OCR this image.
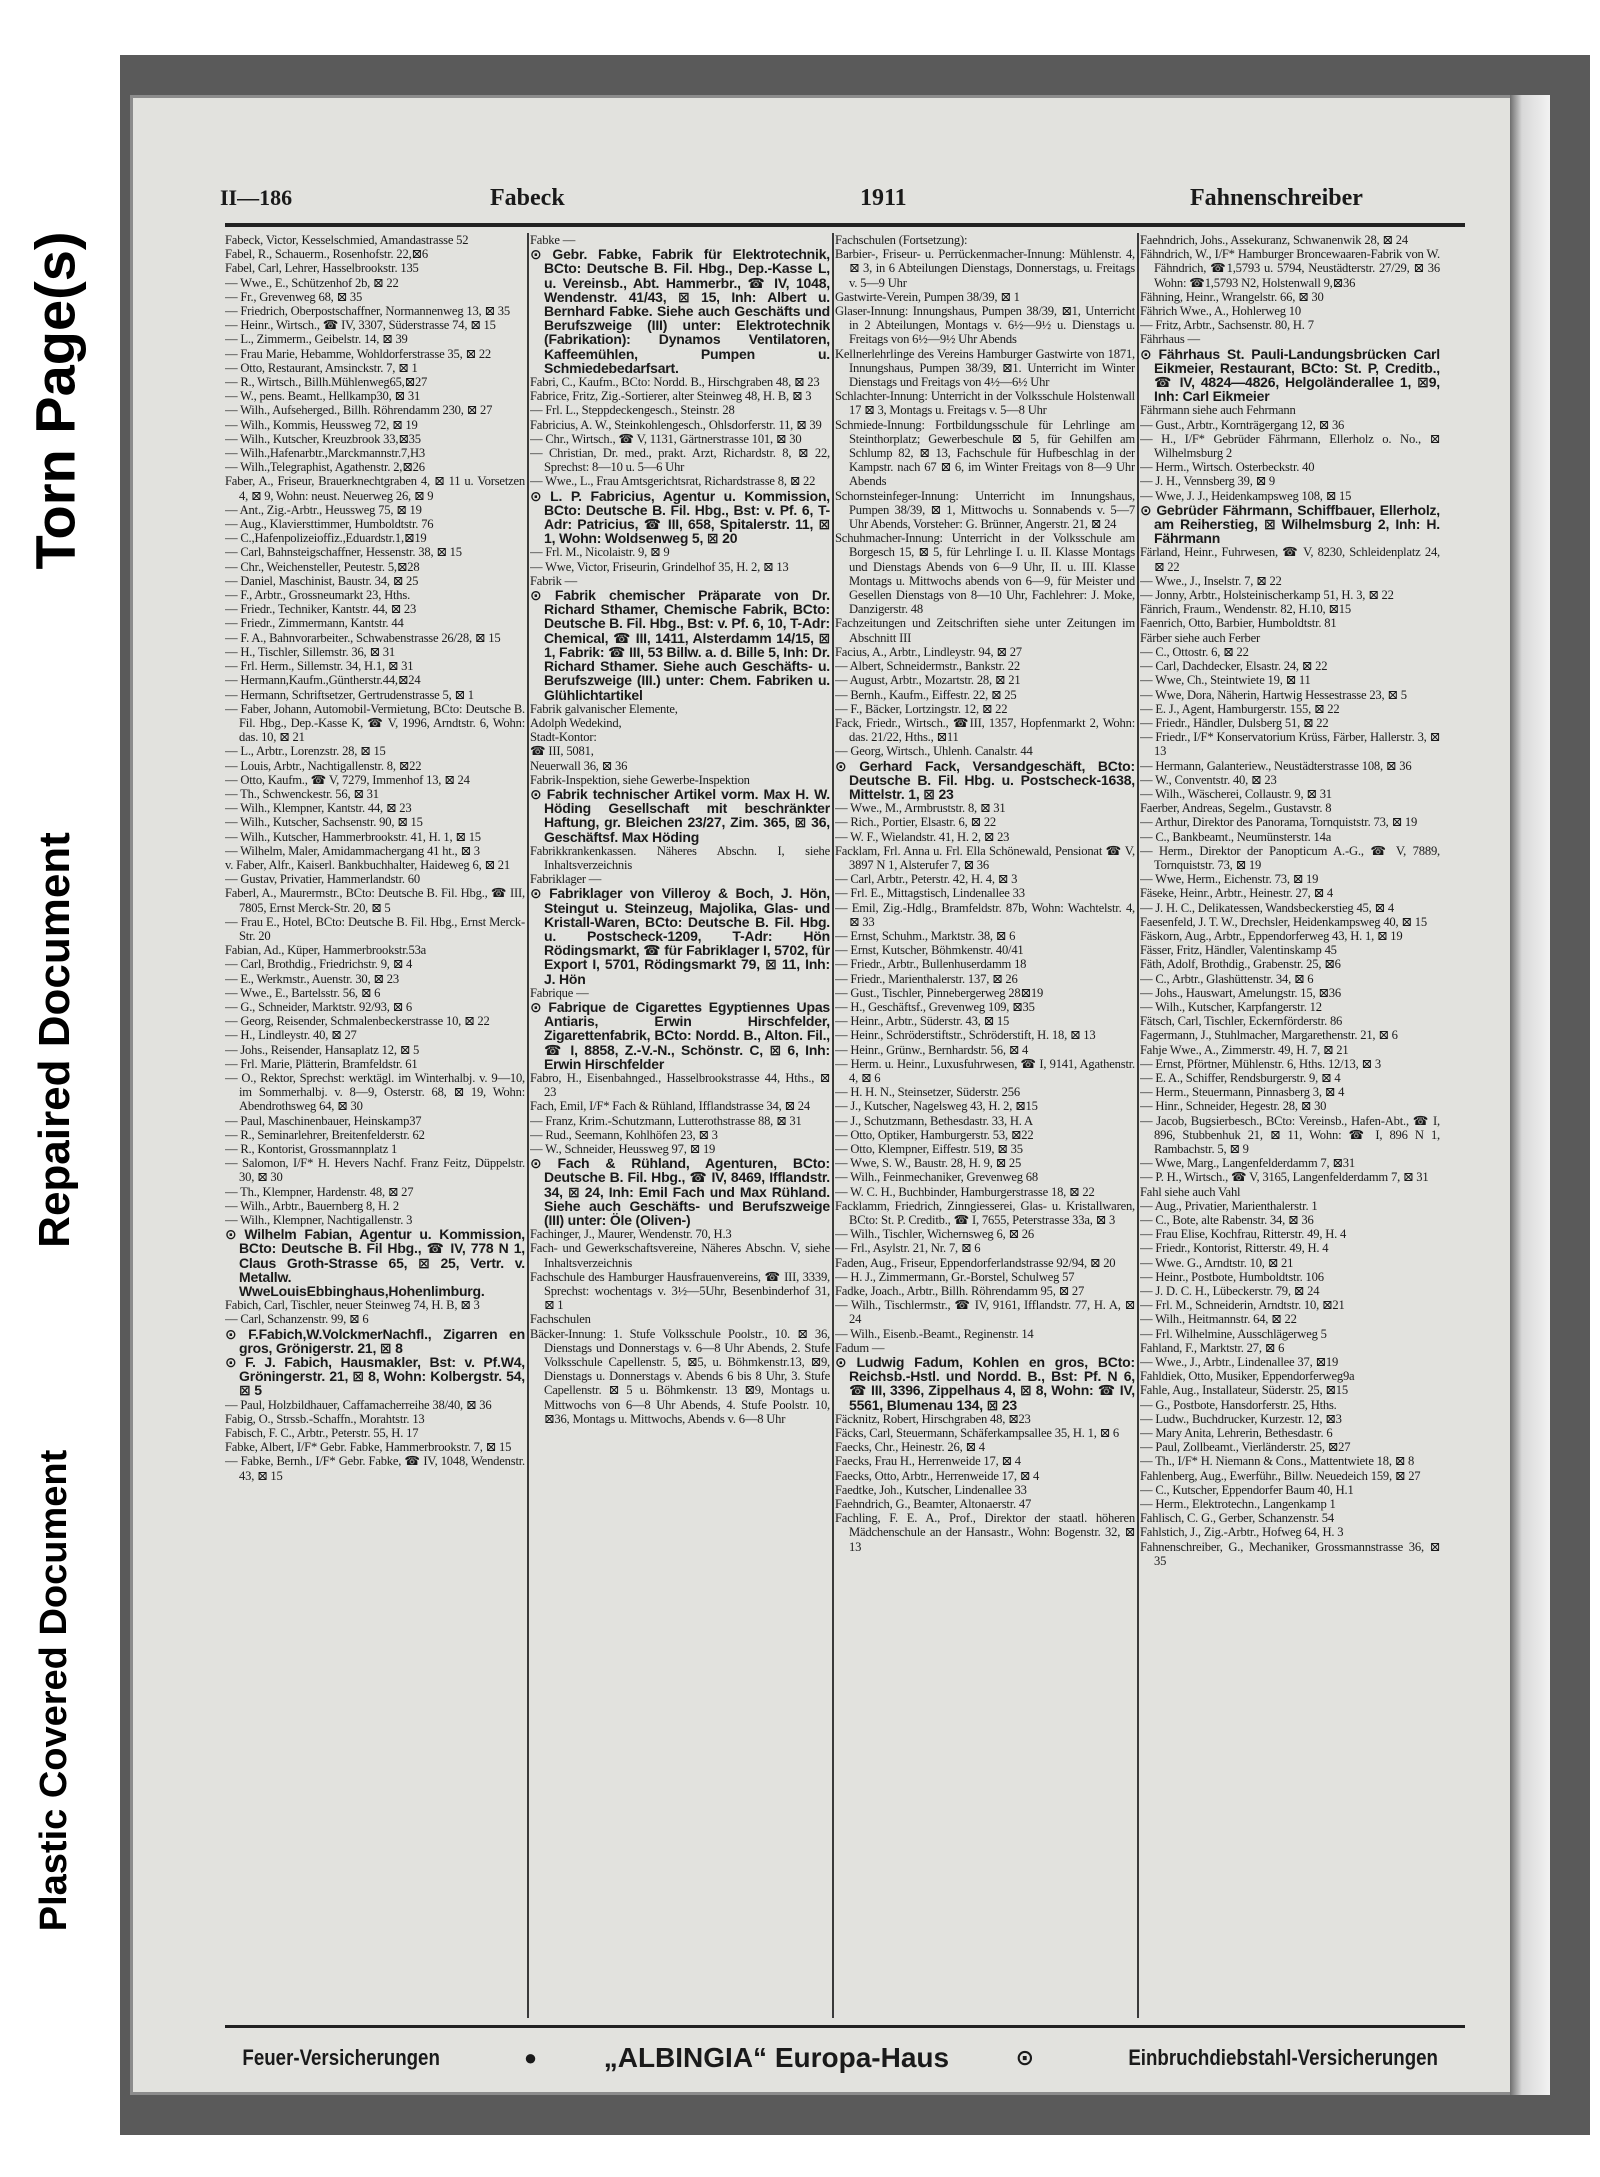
Torn Page(s)
Repaired Document
Plastic Covered Document
II—186	Fabeck	1911	Fahnenschreiber

Fabeck, Victor, Kesselschmied, Amandastrasse 52

Fabel, R., Schauerm., Rosenhofstr. 22,⊠6

Fabel, Carl, Lehrer, Hasselbrookstr. 135

— Wwe., E., Schützenhof 2b, ⊠ 22

— Fr., Grevenweg 68, ⊠ 35

— Friedrich, Oberpostschaffner, Normannenweg 13, ⊠ 35

— Heinr., Wirtsch., ☎ IV, 3307, Süderstrasse 74, ⊠ 15

— L., Zimmerm., Geibelstr. 14, ⊠ 39

— Frau Marie, Hebamme, Wohldorferstrasse 35, ⊠ 22

— Otto, Restaurant, Amsinckstr. 7, ⊠ 1

— R., Wirtsch., Billh.Mühlenweg65,⊠27

— W., pens. Beamt., Hellkamp30, ⊠ 31

— Wilh., Aufseherged., Billh. Röhrendamm 230, ⊠ 27

— Wilh., Kommis, Heussweg 72, ⊠ 19

— Wilh., Kutscher, Kreuzbrook 33,⊠35

— Wilh.,Hafenarbtr.,Marckmannstr.7,H3

— Wilh.,Telegraphist, Agathenstr. 2,⊠26

Faber, A., Friseur, Brauerknechtgraben 4, ⊠ 11 u. Vorsetzen 4, ⊠ 9, Wohn: neust. Neuerweg 26, ⊠ 9

— Ant., Zig.-Arbtr., Heussweg 75, ⊠ 19

— Aug., Klaviersttimmer, Humboldtstr. 76

— C.,Hafenpolizeioffiz.,Eduardstr.1,⊠19

— Carl, Bahnsteigschaffner, Hessenstr. 38, ⊠ 15

— Chr., Weichensteller, Peutestr. 5,⊠28

— Daniel, Maschinist, Baustr. 34, ⊠ 25

— F., Arbtr., Grossneumarkt 23, Hths.

— Friedr., Techniker, Kantstr. 44, ⊠ 23

— Friedr., Zimmermann, Kantstr. 44

— F. A., Bahnvorarbeiter., Schwabenstrasse 26/28, ⊠ 15

— H., Tischler, Sillemstr. 36, ⊠ 31

— Frl. Herm., Sillemstr. 34, H.1, ⊠ 31

— Hermann,Kaufm.,Güntherstr.44,⊠24

— Hermann, Schriftsetzer, Gertrudenstrasse 5, ⊠ 1

— Faber, Johann, Automobil-Vermietung, BCto: Deutsche B. Fil. Hbg., Dep.-Kasse K, ☎ V, 1996, Arndtstr. 6, Wohn: das. 10, ⊠ 21

— L., Arbtr., Lorenzstr. 28, ⊠ 15

— Louis, Arbtr., Nachtigallenstr. 8, ⊠22

— Otto, Kaufm., ☎ V, 7279, Immenhof 13, ⊠ 24

— Th., Schwenckestr. 56, ⊠ 31

— Wilh., Klempner, Kantstr. 44, ⊠ 23

— Wilh., Kutscher, Sachsenstr. 90, ⊠ 15

— Wilh., Kutscher, Hammerbrookstr. 41, H. 1, ⊠ 15

— Wilhelm, Maler, Amidammachergang 41 ht., ⊠ 3

v. Faber, Alfr., Kaiserl. Bankbuchhalter, Haideweg 6, ⊠ 21

— Gustav, Privatier, Hammerlandstr. 60

Faberl, A., Maurermstr., BCto: Deutsche B. Fil. Hbg., ☎ III, 7805, Ernst Merck-Str. 20, ⊠ 5

— Frau E., Hotel, BCto: Deutsche B. Fil. Hbg., Ernst Merck-Str. 20

Fabian, Ad., Küper, Hammerbrookstr.53a

— Carl, Brothdig., Friedrichstr. 9, ⊠ 4

— E., Werkmstr., Auenstr. 30, ⊠ 23

— Wwe., E., Bartelsstr. 56, ⊠ 6

— G., Schneider, Marktstr. 92/93, ⊠ 6

— Georg, Reisender, Schmalenbeckerstrasse 10, ⊠ 22

— H., Lindleystr. 40, ⊠ 27

— Johs., Reisender, Hansaplatz 12, ⊠ 5

— Frl. Marie, Plätterin, Bramfeldstr. 61

— O., Rektor, Sprechst: werktägl. im Winterhalbj. v. 9—10, im Sommerhalbj. v. 8—9, Osterstr. 68, ⊠ 19, Wohn: Abendrothsweg 64, ⊠ 30

— Paul, Maschinenbauer, Heinskamp37

— R., Seminarlehrer, Breitenfelderstr. 62

— R., Kontorist, Grossmannplatz 1

— Salomon, I/F* H. Hevers Nachf. Franz Feitz, Düppelstr. 30, ⊠ 30

— Th., Klempner, Hardenstr. 48, ⊠ 27

— Wilh., Arbtr., Bauernberg 8, H. 2

— Wilh., Klempner, Nachtigallenstr. 3

⊙ Wilhelm Fabian, Agentur u. Kommission, BCto: Deutsche B. Fil Hbg., ☎ IV, 778 N 1, Claus Groth-Strasse 65, ⊠ 25, Vertr. v. Metallw. WweLouisEbbinghaus,Hohenlimburg.

Fabich, Carl, Tischler, neuer Steinweg 74, H. B, ⊠ 3

— Carl, Schanzenstr. 99, ⊠ 6

⊙ F.Fabich,W.VolckmerNachfl., Zigarren en gros, Grönigerstr. 21, ⊠ 8

⊙ F. J. Fabich, Hausmakler, Bst: v. Pf.W4, Gröningerstr. 21, ⊠ 8, Wohn: Kolbergstr. 54, ⊠ 5

— Paul, Holzbildhauer, Caffamacherreihe 38/40, ⊠ 36

Fabig, O., Strssb.-Schaffn., Morahtstr. 13

Fabisch, F. C., Arbtr., Peterstr. 55, H. 17

Fabke, Albert, I/F* Gebr. Fabke, Hammerbrookstr. 7, ⊠ 15

— Fabke, Bernh., I/F* Gebr. Fabke, ☎ IV, 1048, Wendenstr. 43, ⊠ 15

Fabke —

⊙ Gebr. Fabke, Fabrik für Elektrotechnik, BCto: Deutsche B. Fil. Hbg., Dep.-Kasse L, u. Vereinsb., Abt. Hammerbr., ☎ IV, 1048, Wendenstr. 41/43, ⊠ 15, Inh: Albert u. Bernhard Fabke. Siehe auch Geschäfts und Berufszweige (III) unter: Elektrotechnik (Fabrikation): Dynamos Ventilatoren, Kaffeemühlen, Pumpen u. Schmiedebedarfsart.

Fabri, C., Kaufm., BCto: Nordd. B., Hirschgraben 48, ⊠ 23

Fabrice, Fritz, Zig.-Sortierer, alter Steinweg 48, H. B, ⊠ 3

— Frl. L., Steppdeckengesch., Steinstr. 28

Fabricius, A. W., Steinkohlengesch., Ohlsdorferstr. 11, ⊠ 39

— Chr., Wirtsch., ☎ V, 1131, Gärtnerstrasse 101, ⊠ 30

— Christian, Dr. med., prakt. Arzt, Richardstr. 8, ⊠ 22, Sprechst: 8—10 u. 5—6 Uhr

— Wwe., L., Frau Amtsgerichtsrat, Richardstrasse 8, ⊠ 22

⊙ L. P. Fabricius, Agentur u. Kommission, BCto: Deutsche B. Fil. Hbg., Bst: v. Pf. 6, T-Adr: Patricius, ☎ III, 658, Spitalerstr. 11, ⊠ 1, Wohn: Woldsenweg 5, ⊠ 20

— Frl. M., Nicolaistr. 9, ⊠ 9

— Wwe, Victor, Friseurin, Grindelhof 35, H. 2, ⊠ 13

Fabrik —

⊙ Fabrik chemischer Präparate von Dr. Richard Sthamer, Chemische Fabrik, BCto: Deutsche B. Fil. Hbg., Bst: v. Pf. 6, 10, T-Adr: Chemical, ☎ III, 1411, Alsterdamm 14/15, ⊠ 1, Fabrik: ☎ III, 53 Billw. a. d. Bille 5, Inh: Dr. Richard Sthamer. Siehe auch Geschäfts- u. Berufszweige (III.) unter: Chem. Fabriken u. Glühlichtartikel

Fabrik galvanischer Elemente,

Adolph Wedekind,

Stadt-Kontor:

☎ III, 5081,

Neuerwall 36, ⊠ 36

Fabrik-Inspektion, siehe Gewerbe-Inspektion

⊙ Fabrik technischer Artikel vorm. Max H. W. Höding Gesellschaft mit beschränkter Haftung, gr. Bleichen 23/27, Zim. 365, ⊠ 36, Geschäftsf. Max Höding

Fabrikkrankenkassen. Näheres Abschn. I, siehe Inhaltsverzeichnis

Fabriklager —

⊙ Fabriklager von Villeroy & Boch, J. Hön, Steingut u. Steinzeug, Majolika, Glas- und Kristall-Waren, BCto: Deutsche B. Fil. Hbg. u. Postscheck-1209, T-Adr: Hön Rödingsmarkt, ☎ für Fabriklager I, 5702, für Export I, 5701, Rödingsmarkt 79, ⊠ 11, Inh: J. Hön

Fabrique —

⊙ Fabrique de Cigarettes Egyptiennes Upas Antiaris, Erwin Hirschfelder, Zigarettenfabrik, BCto: Nordd. B., Alton. Fil., ☎ I, 8858, Z.-V.-N., Schönstr. C, ⊠ 6, Inh: Erwin Hirschfelder

Fabro, H., Eisenbahnged., Hasselbrookstrasse 44, Hths., ⊠ 23

Fach, Emil, I/F* Fach & Rühland, Ifflandstrasse 34, ⊠ 24

— Franz, Krim.-Schutzmann, Lutterothstrasse 88, ⊠ 31

— Rud., Seemann, Kohlhöfen 23, ⊠ 3

— W., Schneider, Heussweg 97, ⊠ 19

⊙ Fach & Rühland, Agenturen, BCto: Deutsche B. Fil. Hbg., ☎ IV, 8469, Ifflandstr. 34, ⊠ 24, Inh: Emil Fach und Max Rühland. Siehe auch Geschäfts- und Berufszweige (III) unter: Öle (Oliven-)

Fachinger, J., Maurer, Wendenstr. 70, H.3

Fach- und Gewerkschaftsvereine, Näheres Abschn. V, siehe Inhaltsverzeichnis

Fachschule des Hamburger Hausfrauenvereins, ☎ III, 3339, Sprechst: wochentags v. 3½—5Uhr, Besenbinderhof 31, ⊠ 1

Fachschulen

Bäcker-Innung: 1. Stufe Volksschule Poolstr., 10. ⊠ 36, Dienstags und Donnerstags v. 6—8 Uhr Abends, 2. Stufe Volksschule Capellenstr. 5, ⊠5, u. Böhmkenstr.13, ⊠9, Dienstags u. Donnerstags v. Abends 6 bis 8 Uhr, 3. Stufe Capellenstr. ⊠ 5 u. Böhmkenstr. 13 ⊠9, Montags u. Mittwochs von 6—8 Uhr Abends, 4. Stufe Poolstr. 10, ⊠36, Montags u. Mittwochs, Abends v. 6—8 Uhr

Fachschulen (Fortsetzung):

Barbier-, Friseur- u. Perrückenmacher-Innung: Mühlenstr. 4, ⊠ 3, in 6 Abteilungen Dienstags, Donnerstags, u. Freitags v. 5—9 Uhr

Gastwirte-Verein, Pumpen 38/39, ⊠ 1

Glaser-Innung: Innungshaus, Pumpen 38/39, ⊠1, Unterricht in 2 Abteilungen, Montags v. 6½—9½ u. Dienstags u. Freitags von 6½—9½ Uhr Abends

Kellnerlehrlinge des Vereins Hamburger Gastwirte von 1871, Innungshaus, Pumpen 38/39, ⊠1. Unterricht im Winter Dienstags und Freitags von 4½—6½ Uhr

Schlachter-Innung: Unterricht in der Volksschule Holstenwall 17 ⊠ 3, Montags u. Freitags v. 5—8 Uhr

Schmiede-Innung: Fortbildungsschule für Lehrlinge am Steinthorplatz; Gewerbeschule ⊠ 5, für Gehilfen am Schlump 82, ⊠ 13, Fachschule für Hufbeschlag in der Kampstr. nach 67 ⊠ 6, im Winter Freitags von 8—9 Uhr Abends

Schornsteinfeger-Innung: Unterricht im Innungshaus, Pumpen 38/39, ⊠ 1, Mittwochs u. Sonnabends v. 5—7 Uhr Abends, Vorsteher: G. Brünner, Angerstr. 21, ⊠ 24

Schuhmacher-Innung: Unterricht in der Volksschule am Borgesch 15, ⊠ 5, für Lehrlinge I. u. II. Klasse Montags und Dienstags Abends von 6—9 Uhr, II. u. III. Klasse Montags u. Mittwochs abends von 6—9, für Meister und Gesellen Dienstags von 8—10 Uhr, Fachlehrer: J. Moke, Danzigerstr. 48

Fachzeitungen und Zeitschriften siehe unter Zeitungen im Abschnitt III

Facius, A., Arbtr., Lindleystr. 94, ⊠ 27

— Albert, Schneidermstr., Bankstr. 22

— August, Arbtr., Mozartstr. 28, ⊠ 21

— Bernh., Kaufm., Eiffestr. 22, ⊠ 25

— F., Bäcker, Lortzingstr. 12, ⊠ 22

Fack, Friedr., Wirtsch., ☎III, 1357, Hopfenmarkt 2, Wohn: das. 21/22, Hths., ⊠11

— Georg, Wirtsch., Uhlenh. Canalstr. 44

⊙ Gerhard Fack, Versandgeschäft, BCto: Deutsche B. Fil. Hbg. u. Postscheck-1638, Mittelstr. 1, ⊠ 23

— Wwe., M., Armbruststr. 8, ⊠ 31

— Rich., Portier, Elsastr. 6, ⊠ 22

— W. F., Wielandstr. 41, H. 2, ⊠ 23

Facklam, Frl. Anna u. Frl. Ella Schönewald, Pensionat ☎ V, 3897 N 1, Alsterufer 7, ⊠ 36

— Carl, Arbtr., Peterstr. 42, H. 4, ⊠ 3

— Frl. E., Mittagstisch, Lindenallee 33

— Emil, Zig.-Hdlg., Bramfeldstr. 87b, Wohn: Wachtelstr. 4, ⊠ 33

— Ernst, Schuhm., Marktstr. 38, ⊠ 6

— Ernst, Kutscher, Böhmkenstr. 40/41

— Friedr., Arbtr., Bullenhuserdamm 18

— Friedr., Marienthalerstr. 137, ⊠ 26

— Gust., Tischler, Pinnebergerweg 28⊠19

— H., Geschäftsf., Grevenweg 109, ⊠35

— Heinr., Arbtr., Süderstr. 43, ⊠ 15

— Heinr., Schröderstiftstr., Schröderstift, H. 18, ⊠ 13

— Heinr., Grünw., Bernhardstr. 56, ⊠ 4

— Herm. u. Heinr., Luxusfuhrwesen, ☎ I, 9141, Agathenstr. 4, ⊠ 6

— H. H. N., Steinsetzer, Süderstr. 256

— J., Kutscher, Nagelsweg 43, H. 2, ⊠15

— J., Schutzmann, Bethesdastr. 33, H. A

— Otto, Optiker, Hamburgerstr. 53, ⊠22

— Otto, Klempner, Eiffestr. 519, ⊠ 35

— Wwe, S. W., Baustr. 28, H. 9, ⊠ 25

— Wilh., Feinmechaniker, Grevenweg 68

— W. C. H., Buchbinder, Hamburgerstrasse 18, ⊠ 22

Facklamm, Friedrich, Zinngiesserei, Glas- u. Kristallwaren, BCto: St. P. Creditb., ☎ I, 7655, Peterstrasse 33a, ⊠ 3

— Wilh., Tischler, Wichernsweg 6, ⊠ 26

— Frl., Asylstr. 21, Nr. 7, ⊠ 6

Faden, Aug., Friseur, Eppendorferlandstrasse 92/94, ⊠ 20

— H. J., Zimmermann, Gr.-Borstel, Schulweg 57

Fadke, Joach., Arbtr., Billh. Röhrendamm 95, ⊠ 27

— Wilh., Tischlermstr., ☎ IV, 9161, Ifflandstr. 77, H. A, ⊠ 24

— Wilh., Eisenb.-Beamt., Reginenstr. 14

Fadum —

⊙ Ludwig Fadum, Kohlen en gros, BCto: Reichsb.-Hstl. und Nordd. B., Bst: Pf. N 6, ☎ III, 3396, Zippelhaus 4, ⊠ 8, Wohn: ☎ IV, 5561, Blumenau 134, ⊠ 23

Fäcknitz, Robert, Hirschgraben 48, ⊠23

Fäcks, Carl, Steuermann, Schäferkampsallee 35, H. 1, ⊠ 6

Faecks, Chr., Heinestr. 26, ⊠ 4

Faecks, Frau H., Herrenweide 17, ⊠ 4

Faecks, Otto, Arbtr., Herrenweide 17, ⊠ 4

Faedtke, Joh., Kutscher, Lindenallee 33

Faehndrich, G., Beamter, Altonaerstr. 47

Fachling, F. E. A., Prof., Direktor der staatl. höheren Mädchenschule an der Hansastr., Wohn: Bogenstr. 32, ⊠ 13

Faehndrich, Johs., Assekuranz, Schwanenwik 28, ⊠ 24

Fähndrich, W., I/F* Hamburger Broncewaaren-Fabrik von W. Fähndrich, ☎1,5793 u. 5794, Neustädterstr. 27/29, ⊠ 36 Wohn: ☎1,5793 N2, Holstenwall 9,⊠36

Fähning, Heinr., Wrangelstr. 66, ⊠ 30

Fährich Wwe., A., Hohlerweg 10

— Fritz, Arbtr., Sachsenstr. 80, H. 7

Fährhaus —

⊙ Fährhaus St. Pauli-Landungsbrücken Carl Eikmeier, Restaurant, BCto: St. P, Creditb., ☎ IV, 4824—4826, Helgoländerallee 1, ⊠9, Inh: Carl Eikmeier

Fährmann siehe auch Fehrmann

— Gust., Arbtr., Kornträgergang 12, ⊠ 36

— H., I/F* Gebrüder Fährmann, Ellerholz o. No., ⊠ Wilhelmsburg 2

— Herm., Wirtsch. Osterbeckstr. 40

— J. H., Vennsberg 39, ⊠ 9

— Wwe, J. J., Heidenkampsweg 108, ⊠ 15

⊙ Gebrüder Fährmann, Schiffbauer, Ellerholz, am Reiherstieg, ⊠ Wilhelmsburg 2, Inh: H. Fährmann

Färland, Heinr., Fuhrwesen, ☎ V, 8230, Schleidenplatz 24, ⊠ 22

— Wwe., J., Inselstr. 7, ⊠ 22

— Jonny, Arbtr., Holsteinischerkamp 51, H. 3, ⊠ 22

Fänrich, Fraum., Wendenstr. 82, H.10, ⊠15

Faenrich, Otto, Barbier, Humboldtstr. 81

Färber siehe auch Ferber

— C., Ottostr. 6, ⊠ 22

— Carl, Dachdecker, Elsastr. 24, ⊠ 22

— Wwe, Ch., Steintwiete 19, ⊠ 11

— Wwe, Dora, Näherin, Hartwig Hessestrasse 23, ⊠ 5

— E. J., Agent, Hamburgerstr. 155, ⊠ 22

— Friedr., Händler, Dulsberg 51, ⊠ 22

— Friedr., I/F* Konservatorium Krüss, Färber, Hallerstr. 3, ⊠ 13

— Hermann, Galanteriew., Neustädterstrasse 108, ⊠ 36

— W., Conventstr. 40, ⊠ 23

— Wilh., Wäscherei, Collaustr. 9, ⊠ 31

Faerber, Andreas, Segelm., Gustavstr. 8

— Arthur, Direktor des Panorama, Tornquiststr. 73, ⊠ 19

— C., Bankbeamt., Neumünsterstr. 14a

— Herm., Direktor der Panopticum A.-G., ☎ V, 7889, Tornquiststr. 73, ⊠ 19

— Wwe, Herm., Eichenstr. 73, ⊠ 19

Fäseke, Heinr., Arbtr., Heinestr. 27, ⊠ 4

— J. H. C., Delikatessen, Wandsbeckerstieg 45, ⊠ 4

Faesenfeld, J. T. W., Drechsler, Heidenkampsweg 40, ⊠ 15

Fäskorn, Aug., Arbtr., Eppendorferweg 43, H. 1, ⊠ 19

Fässer, Fritz, Händler, Valentinskamp 45

Fäth, Adolf, Brothdig., Grabenstr. 25, ⊠6

— C., Arbtr., Glashüttenstr. 34, ⊠ 6

— Johs., Hauswart, Amelungstr. 15, ⊠36

— Wilh., Kutscher, Karpfangerstr. 12

Fätsch, Carl, Tischler, Eckernförderstr. 86

Fagermann, J., Stuhlmacher, Margarethenstr. 21, ⊠ 6

Fahje Wwe., A., Zimmerstr. 49, H. 7, ⊠ 21

— Ernst, Pförtner, Mühlenstr. 6, Hths. 12/13, ⊠ 3

— E. A., Schiffer, Rendsburgerstr. 9, ⊠ 4

— Herm., Steuermann, Pinnasberg 3, ⊠ 4

— Hinr., Schneider, Hegestr. 28, ⊠ 30

— Jacob, Bugsierbesch., BCto: Vereinsb., Hafen-Abt., ☎ I, 896, Stubbenhuk 21, ⊠ 11, Wohn: ☎ I, 896 N 1, Rambachstr. 5, ⊠ 9

— Wwe, Marg., Langenfelderdamm 7, ⊠31

— P. H., Wirtsch., ☎ V, 3165, Langenfelderdamm 7, ⊠ 31

Fahl siehe auch Vahl

— Aug., Privatier, Marienthalerstr. 1

— C., Bote, alte Rabenstr. 34, ⊠ 36

— Frau Elise, Kochfrau, Ritterstr. 49, H. 4

— Friedr., Kontorist, Ritterstr. 49, H. 4

— Wwe. G., Arndtstr. 10, ⊠ 21

— Heinr., Postbote, Humboldtstr. 106

— J. D. C. H., Lübeckerstr. 79, ⊠ 24

— Frl. M., Schneiderin, Arndtstr. 10, ⊠21

— Wilh., Heitmannstr. 64, ⊠ 22

— Frl. Wilhelmine, Ausschlägerweg 5

Fahland, F., Marktstr. 27, ⊠ 6

— Wwe., J., Arbtr., Lindenallee 37, ⊠19

Fahldiek, Otto, Musiker, Eppendorferweg9a

Fahle, Aug., Installateur, Süderstr. 25, ⊠15

— G., Postbote, Hansdorferstr. 25, Hths.

— Ludw., Buchdrucker, Kurzestr. 12, ⊠3

— Mary Anita, Lehrerin, Bethesdastr. 6

— Paul, Zollbeamt., Vierländerstr. 25, ⊠27

— Th., I/F* H. Niemann & Cons., Mattentwiete 18, ⊠ 8

Fahlenberg, Aug., Ewerführ., Billw. Neuedeich 159, ⊠ 27

— C., Kutscher, Eppendorfer Baum 40, H.1

— Herm., Elektrotechn., Langenkamp 1

Fahlisch, C. G., Gerber, Schanzenstr. 54

Fahlstich, J., Zig.-Arbtr., Hofweg 64, H. 3

Fahnenschreiber, G., Mechaniker, Grossmannstrasse 36, ⊠ 35

Feuer-Versicherungen	● „ALBINGIA“ Europa-Haus	⊙	Einbruchdiebstahl-Versicherungen
